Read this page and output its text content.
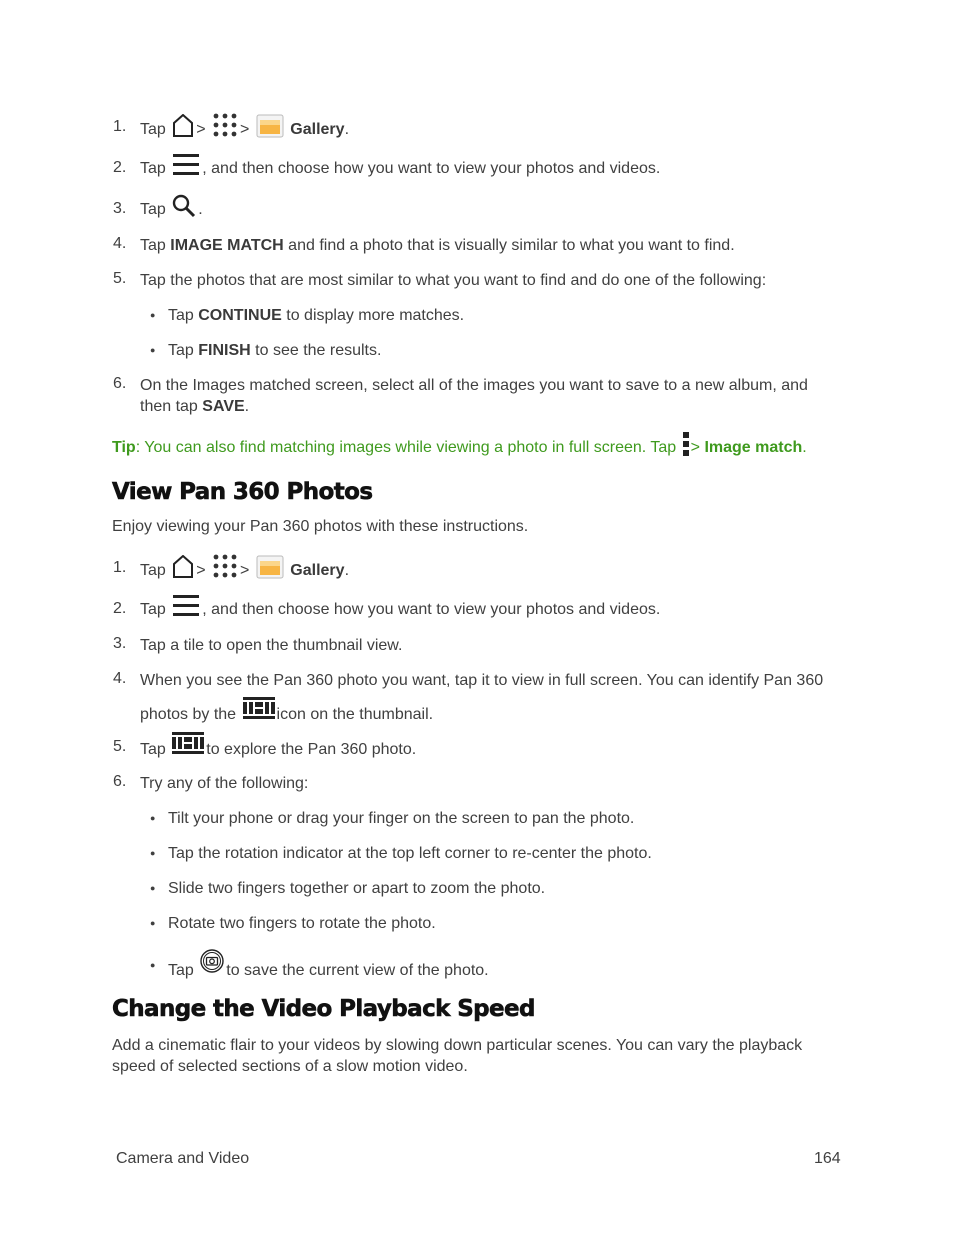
1. Tap > >	Gallery.
2. Tap , and then choose how you want to view your photos and videos.
3. Tap .
4. Tap IMAGE MATCH and find a photo that is visually similar to what you want to find.
5. Tap the photos that are most similar to what you want to find and do one of the following:
● Tap CONTINUE to display more matches.
● Tap FINISH to see the results.
6. On the Images matched screen, select all of the images you want to save to a new album, and
then tap SAVE.
Tip: You can also find matching images while viewing a photo in full screen. Tap > Image match.
View Pan 360 Photos
Enjoy viewing your Pan 360 photos with these instructions.
1. Tap > >	Gallery.
2. Tap , and then choose how you want to view your photos and videos.
3. Tap a tile to open the thumbnail view.
4. When you see the Pan 360 photo you want, tap it to view in full screen. You can identify Pan 360
photos by the	icon on the thumbnail.
5. Tap	to explore the Pan 360 photo.
6. Try any of the following:
● Tilt your phone or drag your finger on the screen to pan the photo.
● Tap the rotation indicator at the top left corner to re-center the photo.
● Slide two fingers together or apart to zoom the photo.
● Rotate two fingers to rotate the photo.
● Tap to save the current view of the photo.
Change the Video Playback Speed
Add a cinematic flair to your videos by slowing down particular scenes. You can vary the playback
speed of selected sections of a slow motion video.
Camera and Video	164
